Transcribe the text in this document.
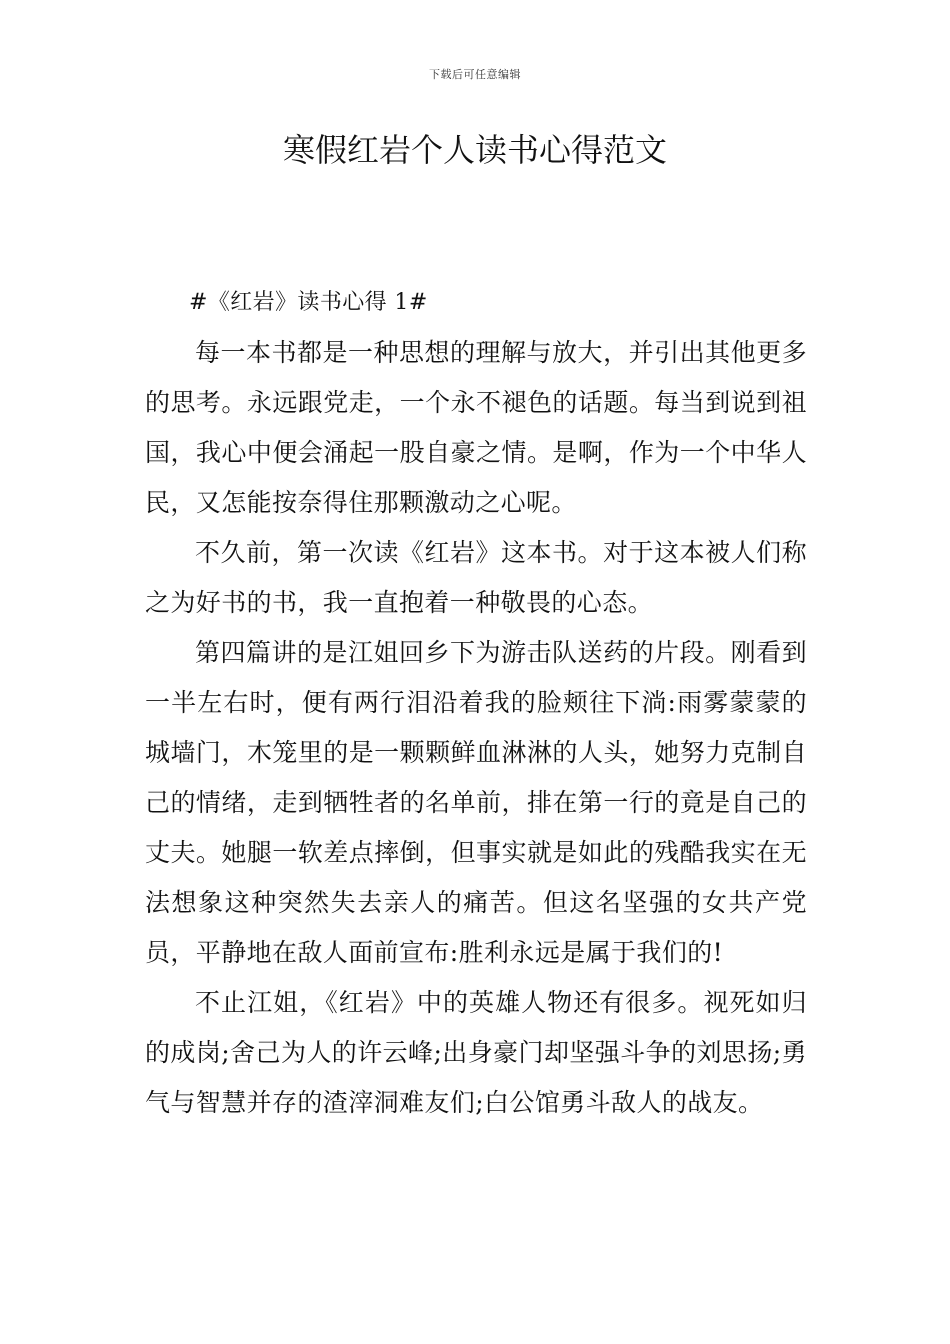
下载后可任意编辑
寒假红岩个人读书心得范文

#《红岩》读书心得 1#

每一本书都是一种思想的理解与放大，并引出其他更多的思考。永远跟党走，一个永不褪色的话题。每当到说到祖国，我心中便会涌起一股自豪之情。是啊，作为一个中华人民，又怎能按奈得住那颗激动之心呢。

不久前，第一次读《红岩》这本书。对于这本被人们称之为好书的书，我一直抱着一种敬畏的心态。

第四篇讲的是江姐回乡下为游击队送药的片段。刚看到一半左右时，便有两行泪沿着我的脸颊往下淌:雨雾蒙蒙的城墙门，木笼里的是一颗颗鲜血淋淋的人头，她努力克制自己的情绪，走到牺牲者的名单前，排在第一行的竟是自己的丈夫。她腿一软差点摔倒，但事实就是如此的残酷我实在无法想象这种突然失去亲人的痛苦。但这名坚强的女共产党员，平静地在敌人面前宣布:胜利永远是属于我们的!

不止江姐，《红岩》中的英雄人物还有很多。视死如归的成岗;舍己为人的许云峰;出身豪门却坚强斗争的刘思扬;勇气与智慧并存的渣滓洞难友们;白公馆勇斗敌人的战友。
